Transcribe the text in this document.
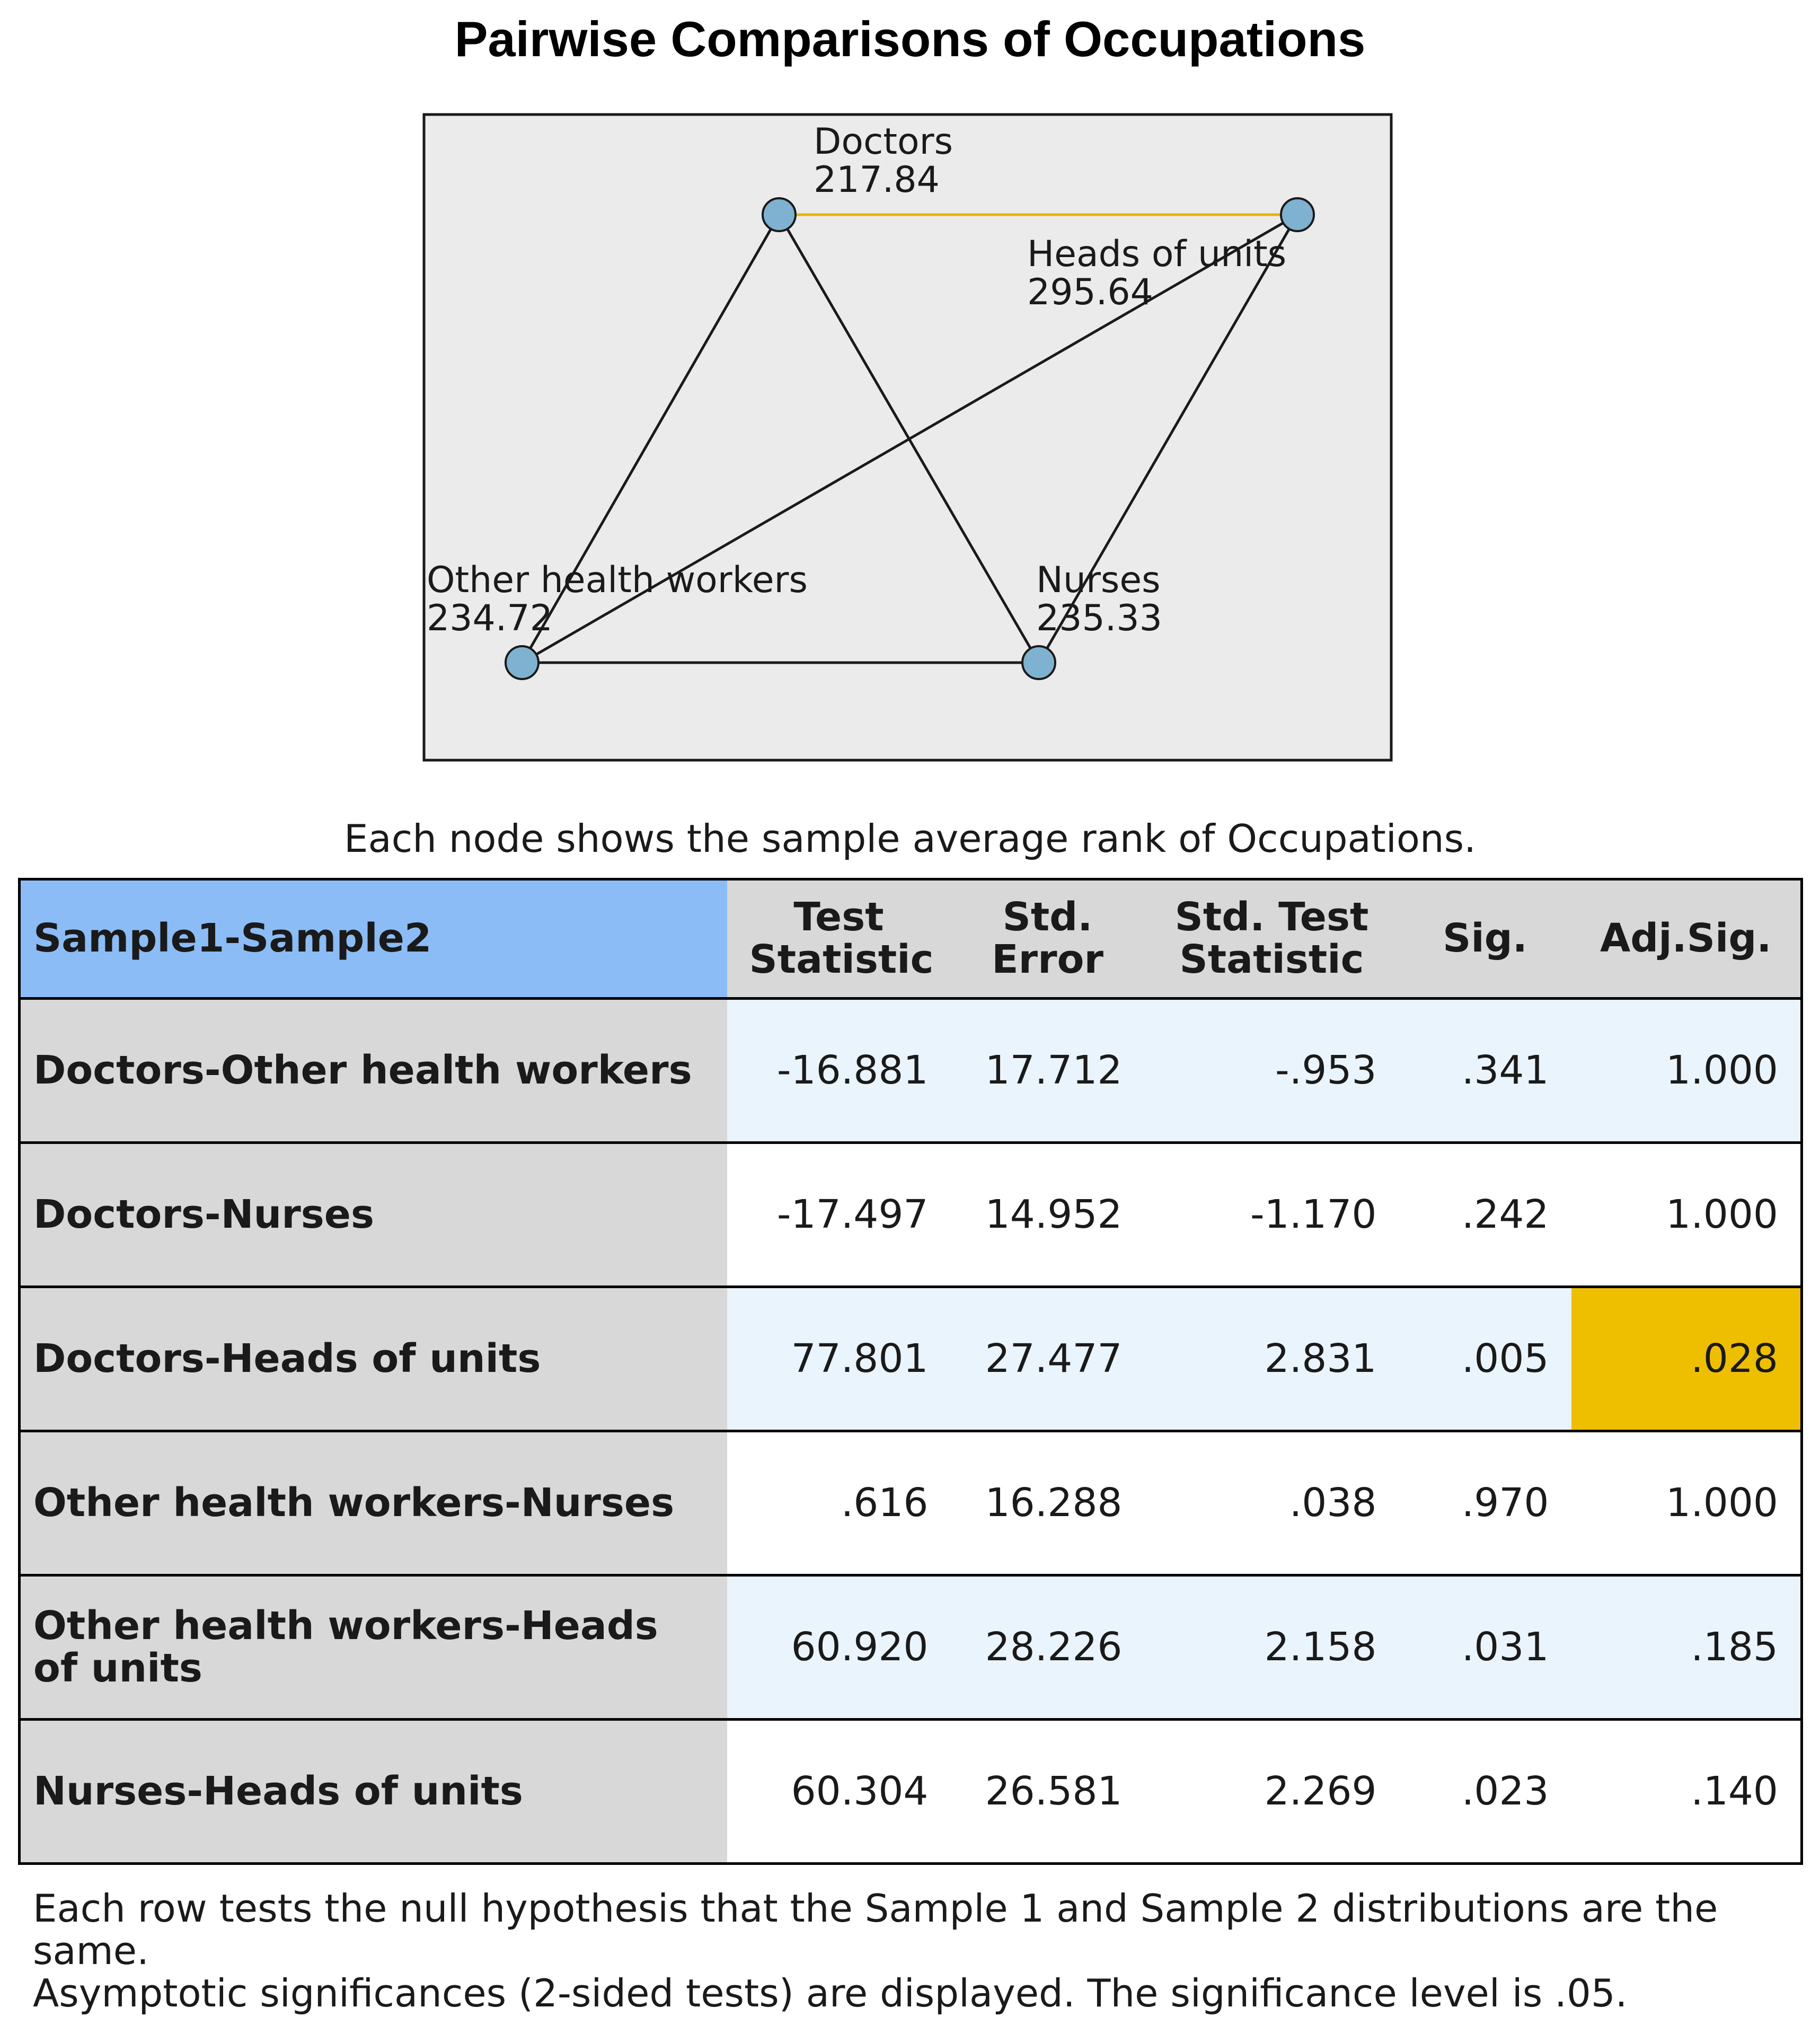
Pairwise Comparisons of Occupations
Doctors
217.84
Heads of units
295.64
Other health workers
234.72
Nurses
235.33
Each node shows the sample average rank of Occupations.
Sample1-Sample2	Test Statistic	Std. Error	Std. Test Statistic	Sig.	Adj.Sig.
Doctors-Other health workers	-16.881	17.712	-.953	.341	1.000
Doctors-Nurses	-17.497	14.952	-1.170	.242	1.000
Doctors-Heads of units	77.801	27.477	2.831	.005	.028
Other health workers-Nurses	.616	16.288	.038	.970	1.000
Other health workers-Heads of units	60.920	28.226	2.158	.031	.185
Nurses-Heads of units	60.304	26.581	2.269	.023	.140

Each row tests the null hypothesis that the Sample 1 and Sample 2 distributions are the same.

Asymptotic significances (2-sided tests) are displayed. The significance level is .05.
